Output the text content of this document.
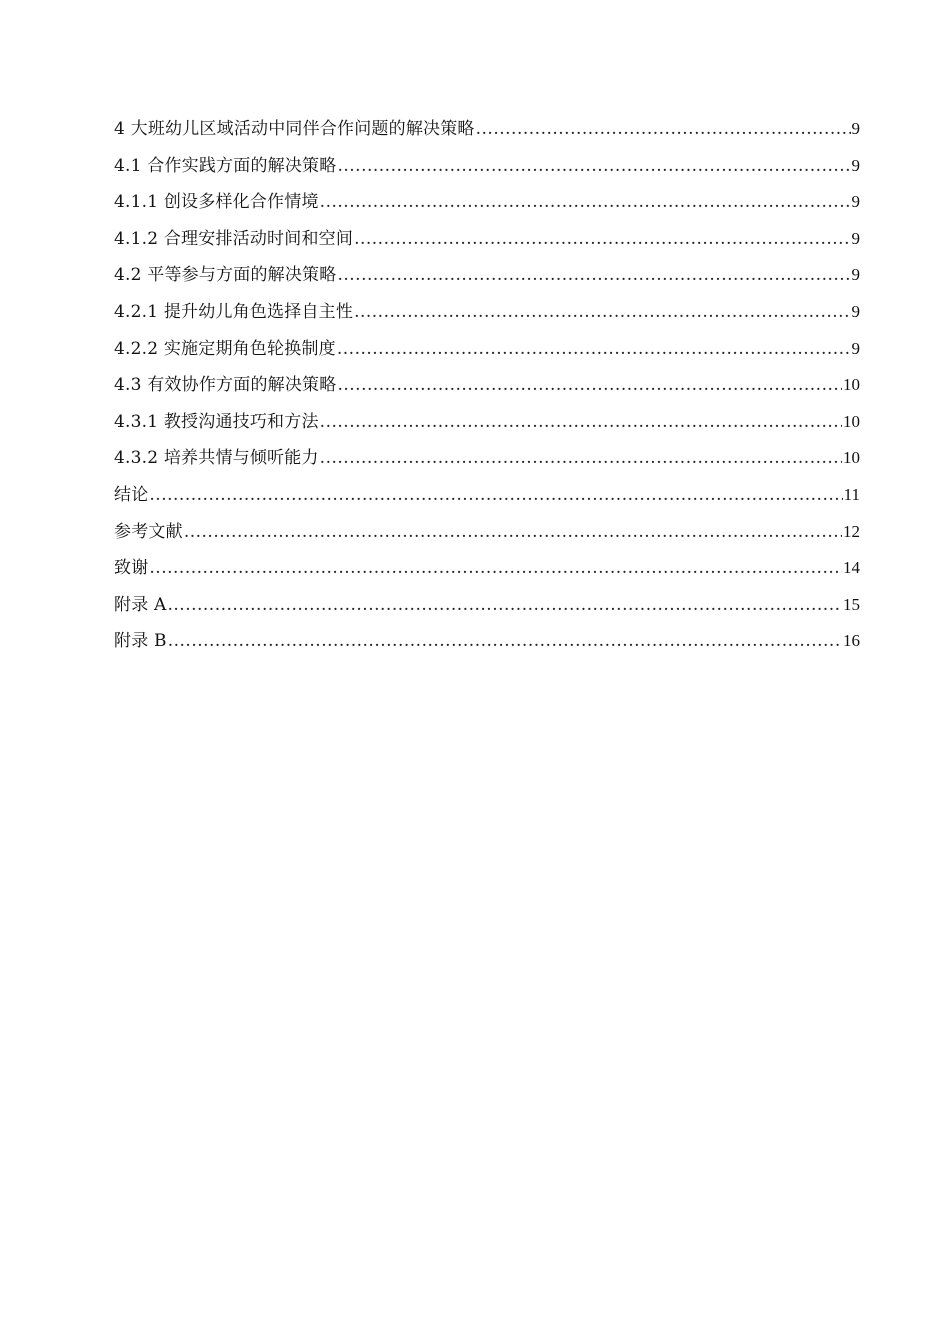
4 大班幼儿区域活动中同伴合作问题的解决策略 .....	9
4.1 合作实践方面的解决策略 .....	9
4.1.1 创设多样化合作情境 .....	9
4.1.2 合理安排活动时间和空间 .....	9
4.2 平等参与方面的解决策略 .....	9
4.2.1 提升幼儿角色选择自主性 .....	9
4.2.2 实施定期角色轮换制度 .....	9
4.3 有效协作方面的解决策略 .....	10
4.3.1 教授沟通技巧和方法 .....	10
4.3.2 培养共情与倾听能力 .....	10
结论 .....	11
参考文献 .....	12
致谢 .....	14
附录 A .....	15
附录 B .....	16
